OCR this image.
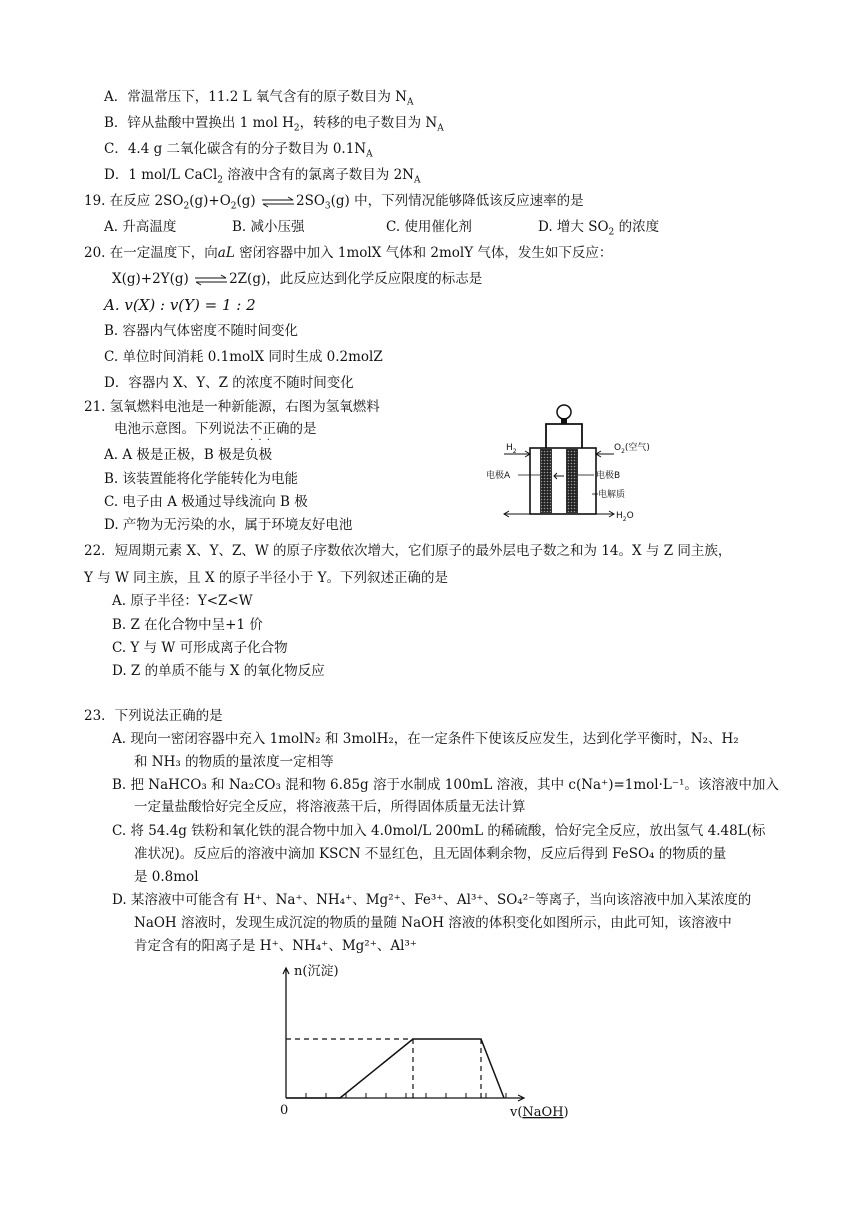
A．常温常压下，11.2 L 氧气含有的原子数目为 $N_A$
B．锌从盐酸中置换出 1 mol $H_2$，转移的电子数目为 $N_A$
C．4.4 g 二氧化碳含有的分子数目为 $0.1N_A$
D．1 mol/L CaCl$_2$ 溶液中含有的氯离子数目为 $2N_A$
19. 在反应 $2SO_2(g)+O_2(g)$ $\rightleftharpoons 2SO_3(g)$ 中，下列情况能够降低该反应速率的是
A. 升高温度	B. 减小压强	C. 使用催化剂	D. 增大 $SO_2$ 的浓度
20. 在一定温度下，向aL 密闭容器中加入 1molX 气体和 2molY 气体，发生如下反应：
X(g)+2Y(g) ⇌2Z(g)，此反应达到化学反应限度的标志是
A. v(X) : v(Y) = 1 : 2
B. 容器内气体密度不随时间变化
C. 单位时间消耗 0.1molX 同时生成 0.2molZ
D．容器内 X、Y、Z 的浓度不随时间变化
21. 氢氧燃料电池是一种新能源，右图为氢氧燃料
电池示意图。下列说法不正确 · · ·的是
A. A 极是正极，B 极是负极
B. 该装置能将化学能转化为电能
C. 电子由 A 极通过导线流向 B 极
D. 产物为无污染的水，属于环境友好电池
$H_2$	$O_2$(空气)
电极A	电极B
电解质
$H_2O$
22．短周期元素 X、Y、Z、W 的原子序数依次增大，它们原子的最外层电子数之和为 14。X 与 Z 同主族，
Y 与 W 同主族，且 X 的原子半径小于 Y。下列叙述正确的是
A. 原子半径：Y<Z<W
B. Z 在化合物中呈+1 价
C. Y 与 W 可形成离子化合物
D. Z 的单质不能与 X 的氧化物反应
23．下列说法正确的是
A. 现向一密闭容器中充入 1molN₂ 和 3molH₂，在一定条件下使该反应发生，达到化学平衡时，N₂、H₂
和 NH₃ 的物质的量浓度一定相等
B. 把 NaHCO₃ 和 Na₂CO₃ 混和物 6.85g 溶于水制成 100mL 溶液，其中 c(Na⁺)=1mol·L⁻¹。该溶液中加入
一定量盐酸恰好完全反应，将溶液蒸干后，所得固体质量无法计算
C. 将 54.4g 铁粉和氧化铁的混合物中加入 4.0mol/L 200mL 的稀硫酸，恰好完全反应，放出氢气 4.48L(标
准状况)。反应后的溶液中滴加 KSCN 不显红色，且无固体剩余物，反应后得到 FeSO₄ 的物质的量
是 0.8mol
D. 某溶液中可能含有 H⁺、Na⁺、NH₄⁺、Mg²⁺、Fe³⁺、Al³⁺、SO₄²⁻等离子，当向该溶液中加入某浓度的
NaOH 溶液时，发现生成沉淀的物质的量随 NaOH 溶液的体积变化如图所示，由此可知，该溶液中
肯定含有的阳离子是 H⁺、NH₄⁺、Mg²⁺、Al³⁺
n(沉淀)
0	v(NaOH)
